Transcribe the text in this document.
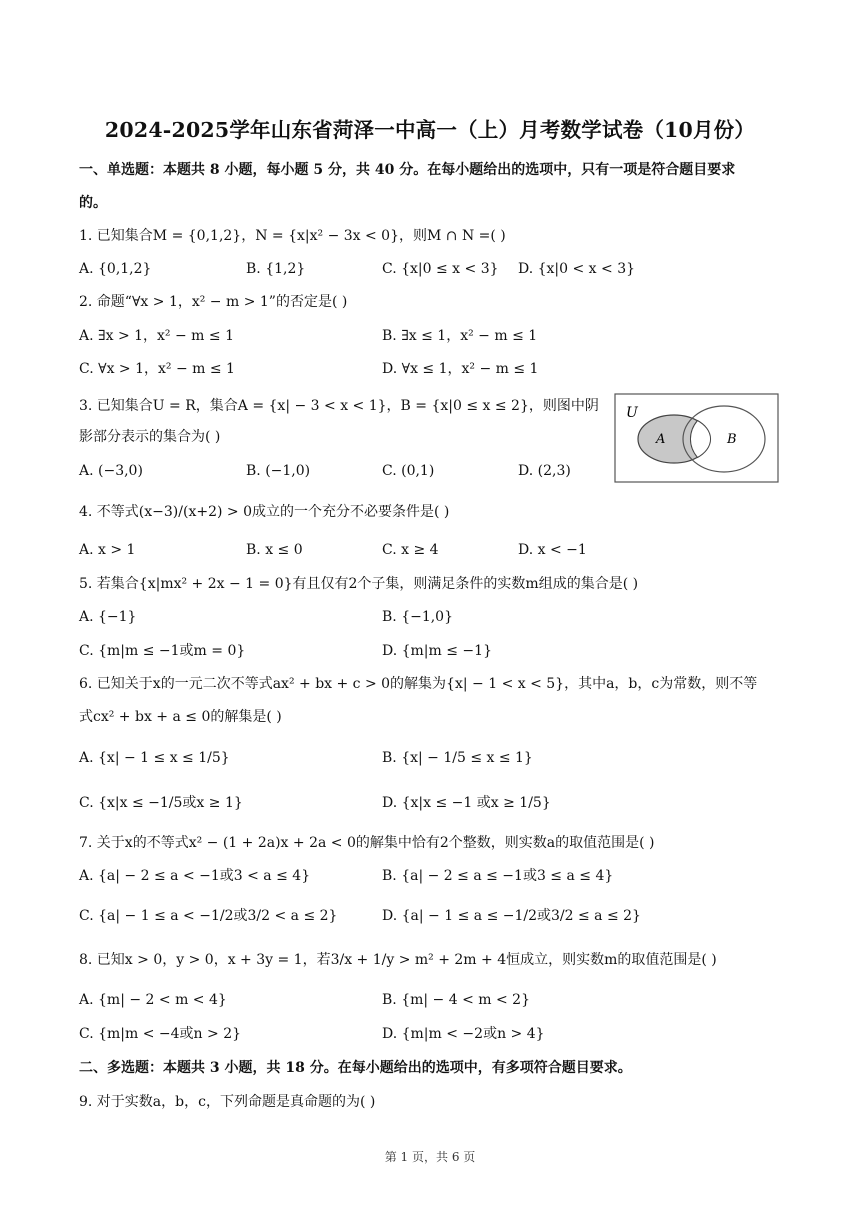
2024-2025学年山东省菏泽一中高一（上）月考数学试卷（10月份）
一、单选题：本题共 8 小题，每小题 5 分，共 40 分。在每小题给出的选项中，只有一项是符合题目要求
的。
1. 已知集合M = {0,1,2}，N = {x|x² − 3x < 0}，则M ∩ N =( )
A. {0,1,2}	B. {1,2}	C. {x|0 ≤ x < 3} D. {x|0 < x < 3}
2. 命题“∀x > 1，x² − m > 1”的否定是( )
A. ∃x > 1，x² − m ≤ 1	B. ∃x ≤ 1，x² − m ≤ 1
C. ∀x > 1，x² − m ≤ 1	D. ∀x ≤ 1，x² − m ≤ 1
3. 已知集合U = R，集合A = {x| − 3 < x < 1}，B = {x|0 ≤ x ≤ 2}，则图中阴
影部分表示的集合为( )
A. (−3,0)	B. (−1,0)	C. (0,1)	D. (2,3)
U
A	B
4. 不等式(x−3)/(x+2) > 0成立的一个充分不必要条件是( )
A. x > 1	B. x ≤ 0	C. x ≥ 4	D. x < −1
5. 若集合{x|mx² + 2x − 1 = 0}有且仅有2个子集，则满足条件的实数m组成的集合是( )
A. {−1}	B. {−1,0}
C. {m|m ≤ −1或m = 0}	D. {m|m ≤ −1}
6. 已知关于x的一元二次不等式ax² + bx + c > 0的解集为{x| − 1 < x < 5}，其中a，b，c为常数，则不等
式cx² + bx + a ≤ 0的解集是( )
A. {x| − 1 ≤ x ≤ 1/5}	B. {x| − 1/5 ≤ x ≤ 1}
C. {x|x ≤ −1/5或x ≥ 1}	D. {x|x ≤ −1 或x ≥ 1/5}
7. 关于x的不等式x² − (1 + 2a)x + 2a < 0的解集中恰有2个整数，则实数a的取值范围是( )
A. {a| − 2 ≤ a < −1或3 < a ≤ 4}	B. {a| − 2 ≤ a ≤ −1或3 ≤ a ≤ 4}
C. {a| − 1 ≤ a < −1/2或3/2 < a ≤ 2}	D. {a| − 1 ≤ a ≤ −1/2或3/2 ≤ a ≤ 2}
8. 已知x > 0，y > 0，x + 3y = 1，若3/x + 1/y > m² + 2m + 4恒成立，则实数m的取值范围是( )
A. {m| − 2 < m < 4}	B. {m| − 4 < m < 2}
C. {m|m < −4或n > 2}	D. {m|m < −2或n > 4}
二、多选题：本题共 3 小题，共 18 分。在每小题给出的选项中，有多项符合题目要求。
9. 对于实数a，b，c，下列命题是真命题的为( )
第 1 页，共 6 页
